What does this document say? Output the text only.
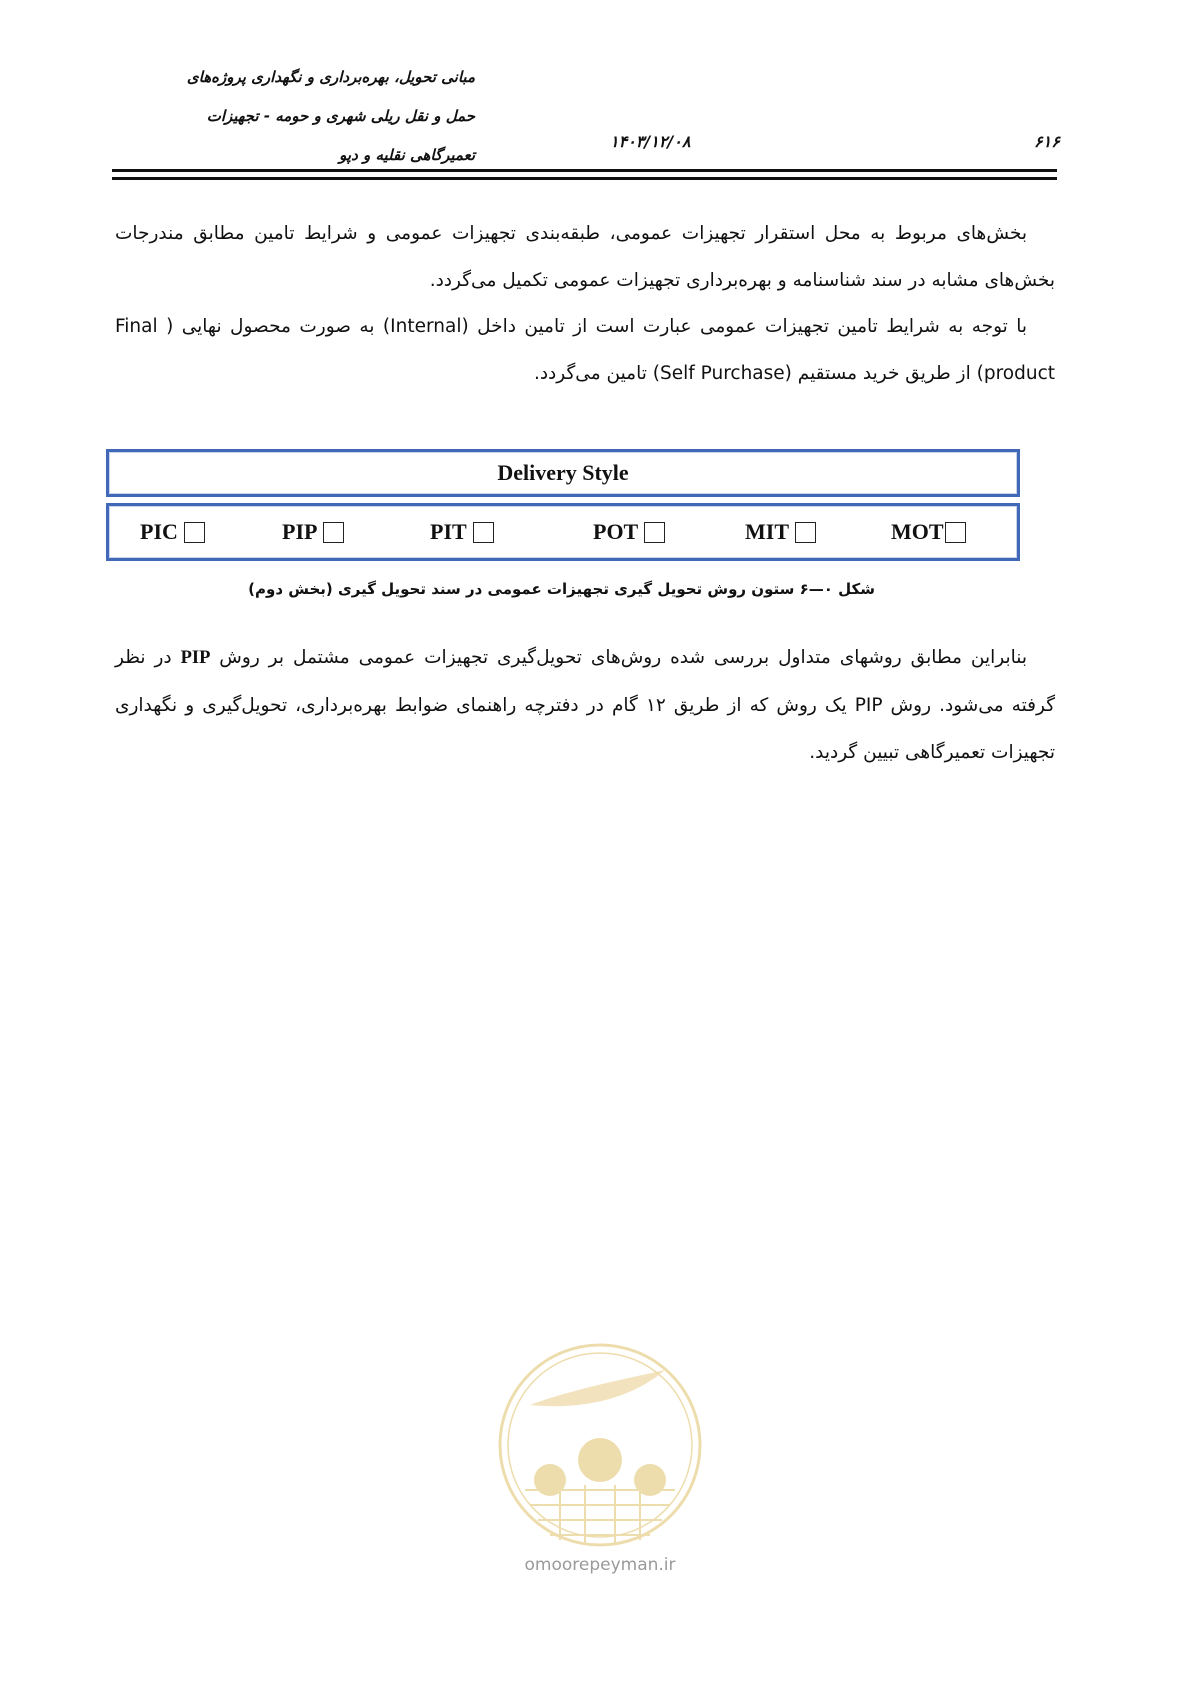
مبانی تحویل، بهره‌برداری و نگهداری پروژه‌های
حمل و نقل ریلی شهری و حومه - تجهیزات
تعمیرگاهی نقلیه و دپو
۱۴۰۳/۱۲/۰۸	۶۱۶
بخش‌های مربوط به محل استقرار تجهیزات عمومی، طبقه‌بندی تجهیزات عمومی و شرایط تامین مطابق مندرجات بخش‌های مشابه در سند شناسنامه و بهره‌برداری تجهیزات عمومی تکمیل می‌گردد.
با توجه به شرایط تامین تجهیزات عمومی عبارت است از تامین داخل (Internal) به صورت محصول نهایی ( Final product) از طریق خرید مستقیم (Self Purchase) تامین می‌گردد.
Delivery Style
PIC	PIP	PIT	POT	MIT	MOT
شکل ۰—۶ ستون روش تحویل گیری تجهیزات عمومی در سند تحویل گیری (بخش دوم)
بنابراین مطابق روشهای متداول بررسی شده روش‌های تحویل‌گیری تجهیزات عمومی مشتمل بر روش PIP در نظر گرفته می‌شود. روش PIP یک روش که از طریق ۱۲ گام در دفترچه راهنمای ضوابط بهره‌برداری، تحویل‌گیری و نگهداری تجهیزات تعمیرگاهی تبیین گردید.
omoorepeyman.ir
